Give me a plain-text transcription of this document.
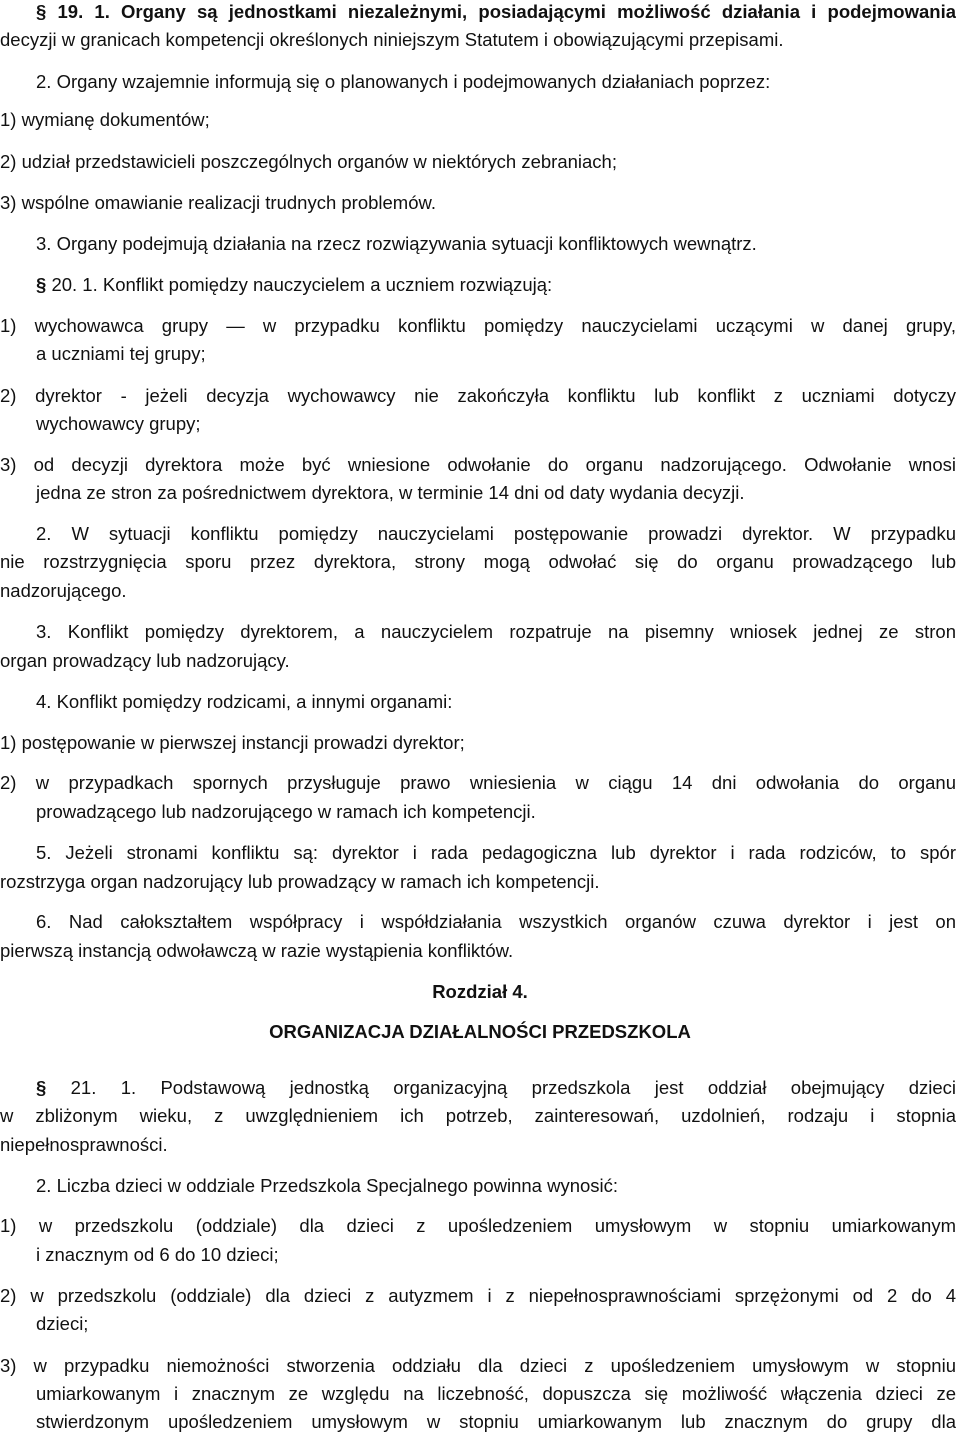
§ 19. 1. Organy są jednostkami niezależnymi, posiadającymi możliwość działania i podejmowania
decyzji w granicach kompetencji określonych niniejszym Statutem i obowiązującymi przepisami.
2. Organy wzajemnie informują się o planowanych i podejmowanych działaniach poprzez:
1) wymianę dokumentów;
2) udział przedstawicieli poszczególnych organów w niektórych zebraniach;
3) wspólne omawianie realizacji trudnych problemów.
3. Organy podejmują działania na rzecz rozwiązywania sytuacji konfliktowych wewnątrz.
§ 20. 1. Konflikt pomiędzy nauczycielem a uczniem rozwiązują:
1) wychowawca grupy — w przypadku konfliktu pomiędzy nauczycielami uczącymi w danej grupy,
a uczniami tej grupy;
2) dyrektor - jeżeli decyzja wychowawcy nie zakończyła konfliktu lub konflikt z uczniami dotyczy
wychowawcy grupy;
3) od decyzji dyrektora może być wniesione odwołanie do organu nadzorującego. Odwołanie wnosi
jedna ze stron za pośrednictwem dyrektora, w terminie 14 dni od daty wydania decyzji.
2. W sytuacji konfliktu pomiędzy nauczycielami postępowanie prowadzi dyrektor. W przypadku
nie rozstrzygnięcia sporu przez dyrektora, strony mogą odwołać się do organu prowadzącego lub
nadzorującego.
3. Konflikt pomiędzy dyrektorem, a nauczycielem rozpatruje na pisemny wniosek jednej ze stron
organ prowadzący lub nadzorujący.
4. Konflikt pomiędzy rodzicami, a innymi organami:
1) postępowanie w pierwszej instancji prowadzi dyrektor;
2) w przypadkach spornych przysługuje prawo wniesienia w ciągu 14 dni odwołania do organu
prowadzącego lub nadzorującego w ramach ich kompetencji.
5. Jeżeli stronami konfliktu są: dyrektor i rada pedagogiczna lub dyrektor i rada rodziców, to spór
rozstrzyga organ nadzorujący lub prowadzący w ramach ich kompetencji.
6. Nad całokształtem współpracy i współdziałania wszystkich organów czuwa dyrektor i jest on
pierwszą instancją odwoławczą w razie wystąpienia konfliktów.
Rozdział 4.
ORGANIZACJA DZIAŁALNOŚCI PRZEDSZKOLA
§ 21. 1. Podstawową jednostką organizacyjną przedszkola jest oddział obejmujący dzieci
w zbliżonym wieku, z uwzględnieniem ich potrzeb, zainteresowań, uzdolnień, rodzaju i stopnia
niepełnosprawności.
2. Liczba dzieci w oddziale Przedszkola Specjalnego powinna wynosić:
1) w przedszkolu (oddziale) dla dzieci z upośledzeniem umysłowym w stopniu umiarkowanym
i znacznym od 6 do 10 dzieci;
2) w przedszkolu (oddziale) dla dzieci z autyzmem i z niepełnosprawnościami sprzężonymi od 2 do 4
dzieci;
3) w przypadku niemożności stworzenia oddziału dla dzieci z upośledzeniem umysłowym w stopniu
umiarkowanym i znacznym ze względu na liczebność, dopuszcza się możliwość włączenia dzieci ze
stwierdzonym upośledzeniem umysłowym w stopniu umiarkowanym lub znacznym do grupy dla
